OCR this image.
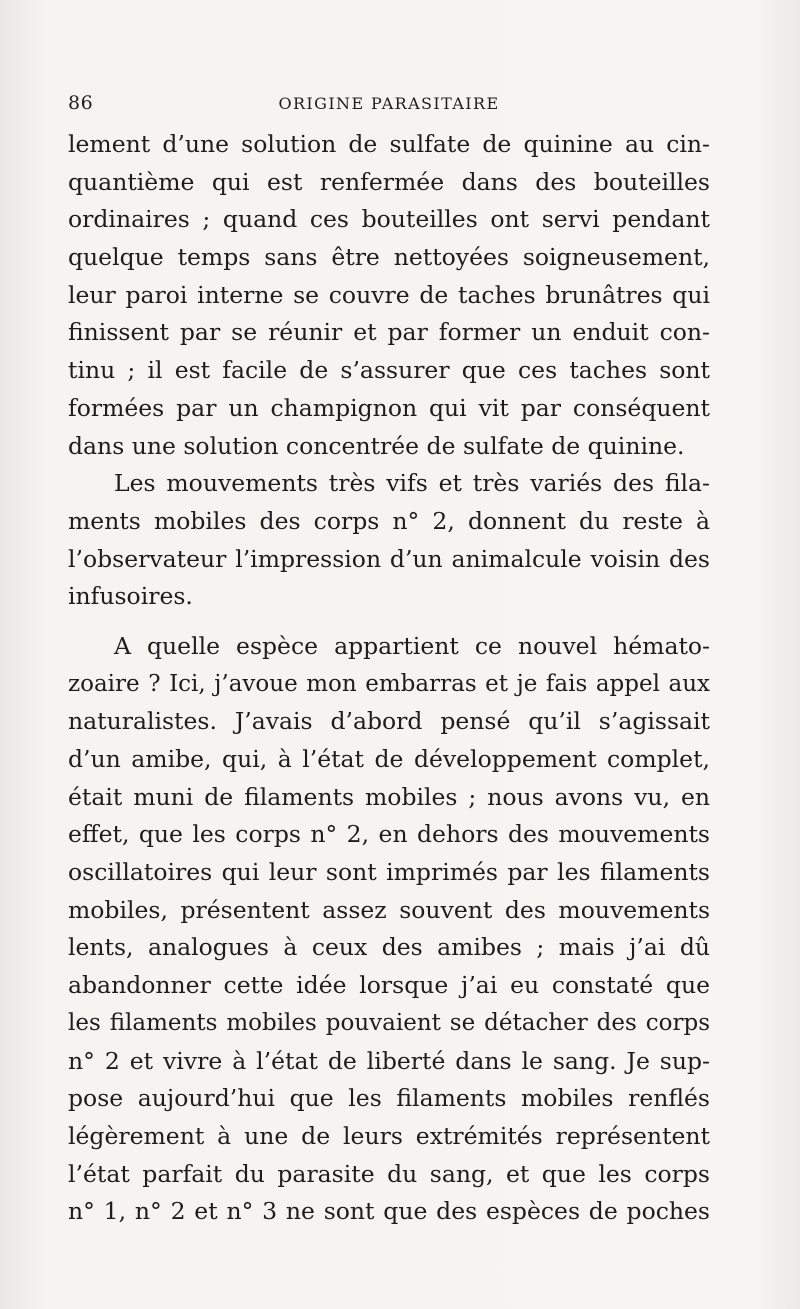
86	ORIGINE PARASITAIRE
lement d’une solution de sulfate de quinine au cin-
quantième qui est renfermée dans des bouteilles
ordinaires ; quand ces bouteilles ont servi pendant
quelque temps sans être nettoyées soigneusement,
leur paroi interne se couvre de taches brunâtres qui
finissent par se réunir et par former un enduit con-
tinu ; il est facile de s’assurer que ces taches sont
formées par un champignon qui vit par conséquent
dans une solution concentrée de sulfate de quinine.
Les mouvements très vifs et très variés des fila-
ments mobiles des corps n° 2, donnent du reste à
l’observateur l’impression d’un animalcule voisin des
infusoires.
A quelle espèce appartient ce nouvel hémato-
zoaire ? Ici, j’avoue mon embarras et je fais appel aux
naturalistes. J’avais d’abord pensé qu’il s’agissait
d’un amibe, qui, à l’état de développement complet,
était muni de filaments mobiles ; nous avons vu, en
effet, que les corps n° 2, en dehors des mouvements
oscillatoires qui leur sont imprimés par les filaments
mobiles, présentent assez souvent des mouvements
lents, analogues à ceux des amibes ; mais j’ai dû
abandonner cette idée lorsque j’ai eu constaté que
les filaments mobiles pouvaient se détacher des corps
n° 2 et vivre à l’état de liberté dans le sang. Je sup-
pose aujourd’hui que les filaments mobiles renflés
légèrement à une de leurs extrémités représentent
l’état parfait du parasite du sang, et que les corps
n° 1, n° 2 et n° 3 ne sont que des espèces de poches
